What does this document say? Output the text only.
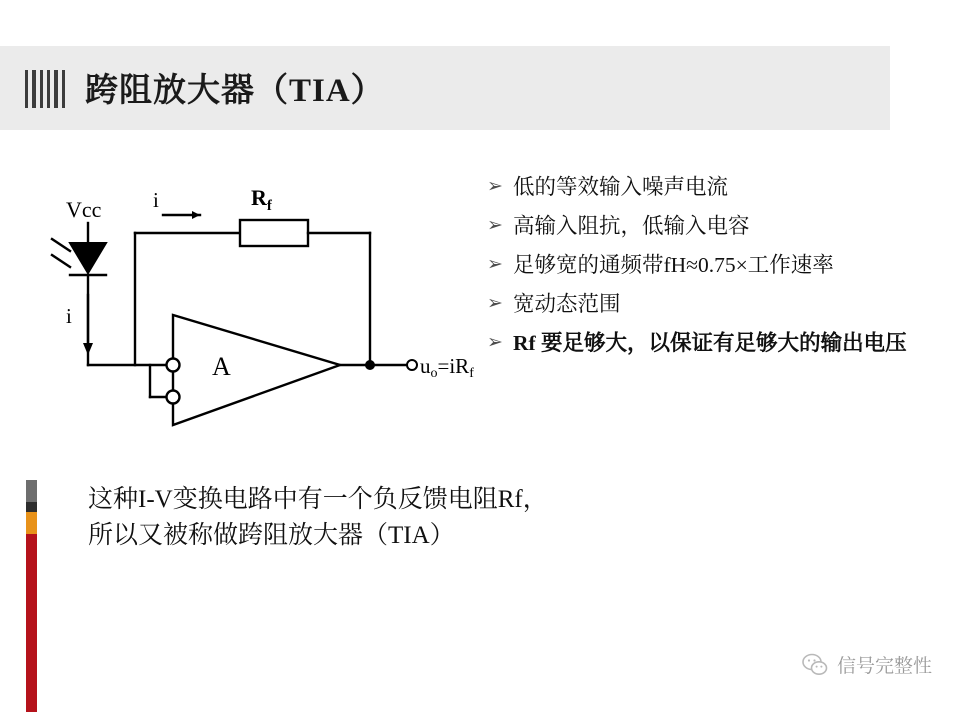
跨阻放大器（TIA）
Vcc i
i
$R_f$
A	uo=iRf
➢ 低的等效输入噪声电流
➢ 高输入阻抗，低输入电容
➢ 足够宽的通频带fH≈0.75×工作速率
➢ 宽动态范围
➢ Rf 要足够大，以保证有足够大的输出电压
这种I-V变换电路中有一个负反馈电阻Rf，所以又被称做跨阻放大器（TIA）
信号完整性
